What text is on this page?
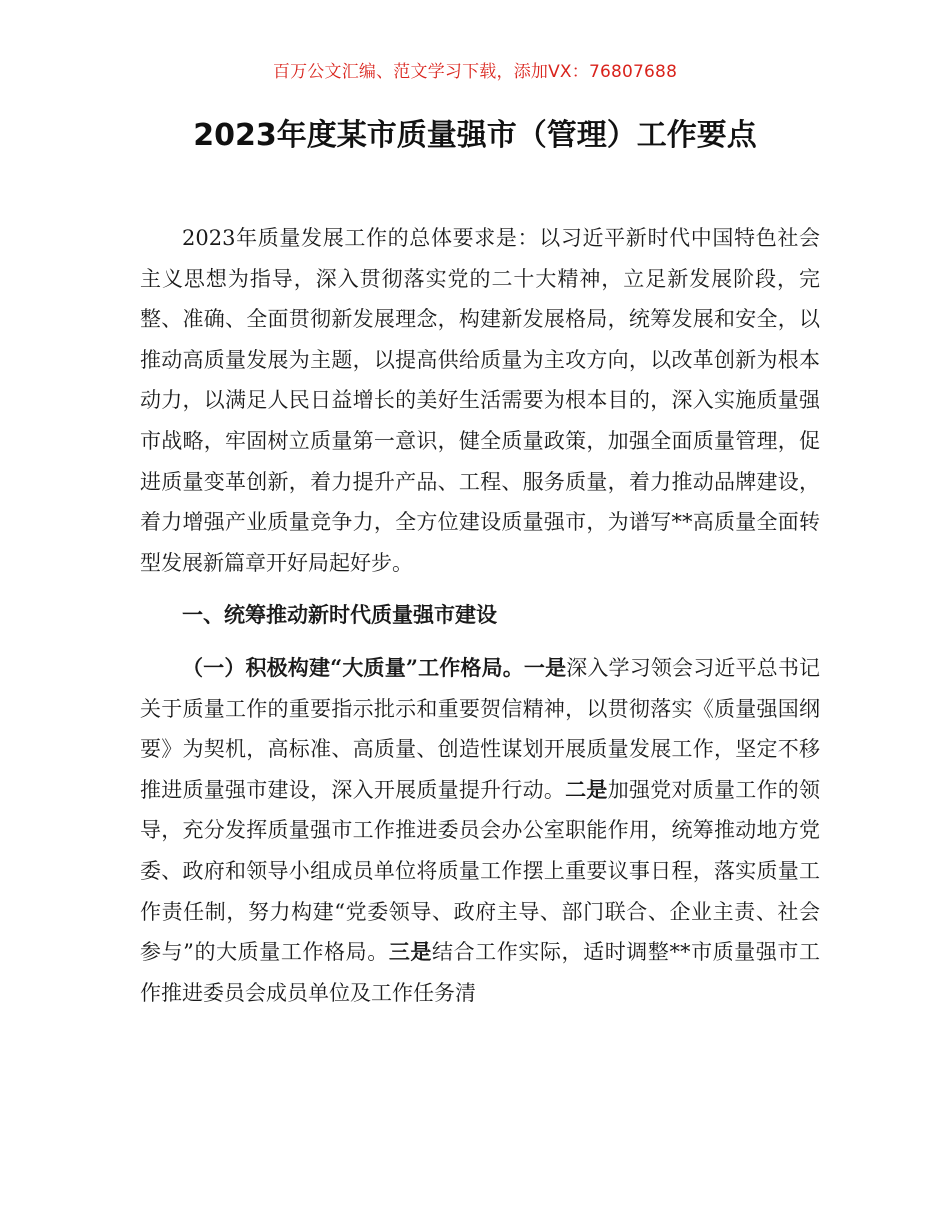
百万公文汇编、范文学习下载，添加VX：76807688
2023年度某市质量强市（管理）工作要点

2023年质量发展工作的总体要求是：以习近平新时代中国特色社会主义思想为指导，深入贯彻落实党的二十大精神，立足新发展阶段，完整、准确、全面贯彻新发展理念，构建新发展格局，统筹发展和安全，以推动高质量发展为主题，以提高供给质量为主攻方向，以改革创新为根本动力，以满足人民日益增长的美好生活需要为根本目的，深入实施质量强市战略，牢固树立质量第一意识，健全质量政策，加强全面质量管理，促进质量变革创新，着力提升产品、工程、服务质量，着力推动品牌建设，着力增强产业质量竞争力，全方位建设质量强市，为谱写**高质量全面转型发展新篇章开好局起好步。

一、统筹推动新时代质量强市建设

（一）积极构建“大质量”工作格局。一是深入学习领会习近平总书记关于质量工作的重要指示批示和重要贺信精神，以贯彻落实《质量强国纲要》为契机，高标准、高质量、创造性谋划开展质量发展工作，坚定不移推进质量强市建设，深入开展质量提升行动。二是加强党对质量工作的领导，充分发挥质量强市工作推进委员会办公室职能作用，统筹推动地方党委、政府和领导小组成员单位将质量工作摆上重要议事日程，落实质量工作责任制，努力构建“党委领导、政府主导、部门联合、企业主责、社会参与”的大质量工作格局。三是结合工作实际，适时调整**市质量强市工作推进委员会成员单位及工作任务清
